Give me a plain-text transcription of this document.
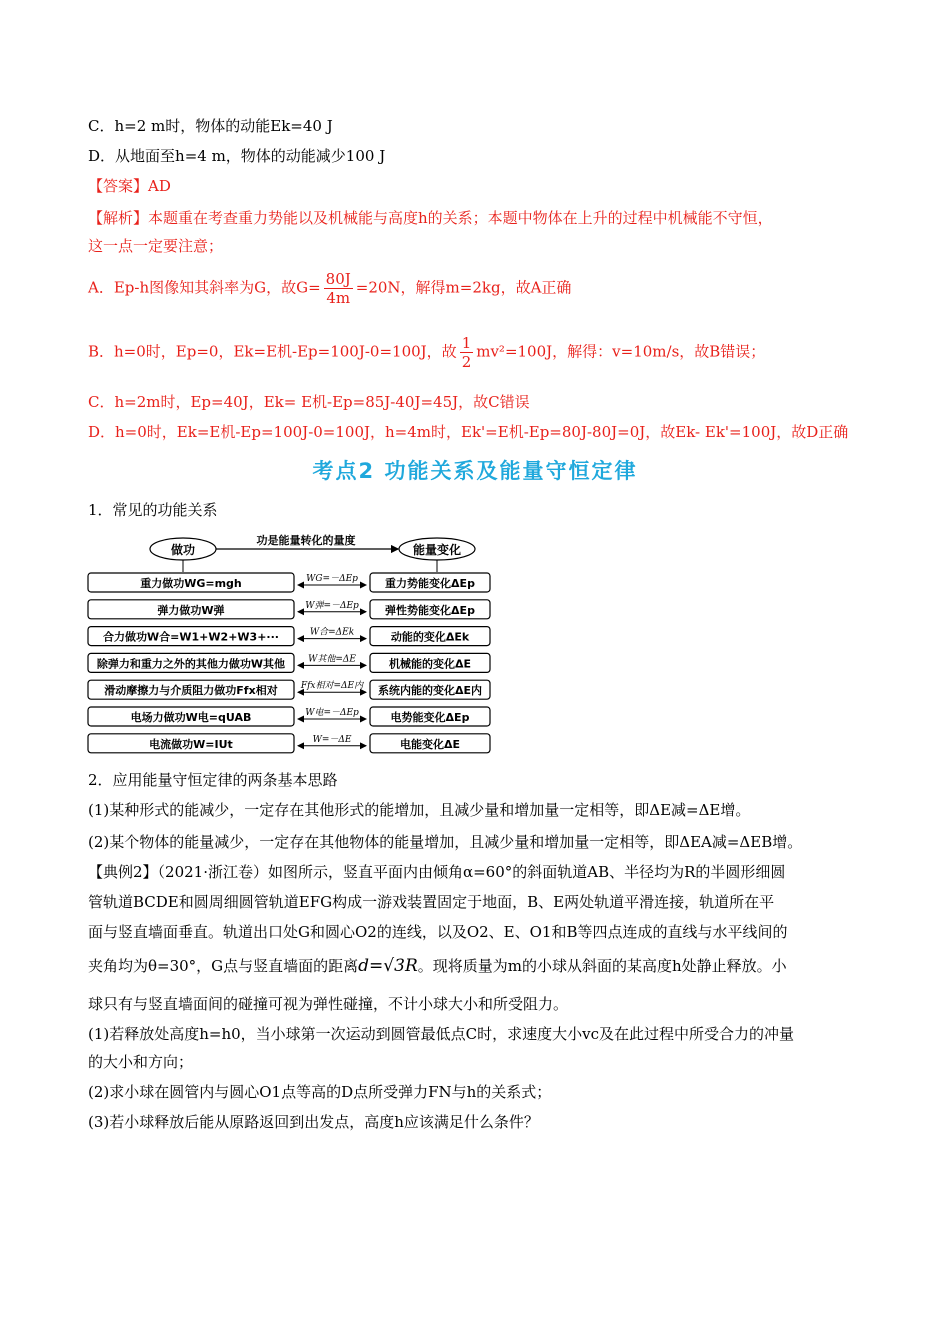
C．h=2 m时，物体的动能Ek=40 J
D．从地面至h=4 m，物体的动能减少100 J
【答案】AD
【解析】本题重在考查重力势能以及机械能与高度h的关系；本题中物体在上升的过程中机械能不守恒，
这一点一定要注意；
A．Ep-h图像知其斜率为G，故$G= \frac{80J}{4m} =20N$，解得m=2kg，故A正确
B．h=0时，Ep=0，Ek=E机-Ep=100J-0=100J，故 $\frac{1}{2} mv^2=100J$，解得：v=10m/s，故B错误；
C．h=2m时，Ep=40J，Ek= E机-Ep=85J-40J=45J，故C错误
D．h=0时，Ek=E机-Ep=100J-0=100J，h=4m时，Ek'=E机-Ep=80J-80J=0J，故Ek- Ek'=100J，故D正确
考点2 功能关系及能量守恒定律
1．常见的功能关系
做功	能量变化
功是能量转化的量度
重力做功WG=mgh	重力势能变化ΔEp
WG=－ΔEp
弹力做功W弹	弹性势能变化ΔEp
W弹=－ΔEp
合力做功W合=W1+W2+W3+···	动能的变化ΔEk
W合=ΔEk
除弹力和重力之外的其他力做功W其他	机械能的变化ΔE
W其他=ΔE
滑动摩擦力与介质阻力做功Ffx相对	系统内能的变化ΔE内
Ffx相对=ΔE内
电场力做功W电=qUAB	电势能变化ΔEp
W电=－ΔEp
电流做功W=IUt	电能变化ΔE
W=－ΔE
2．应用能量守恒定律的两条基本思路
(1)某种形式的能减少，一定存在其他形式的能增加，且减少量和增加量一定相等，即ΔE减=ΔE增。
(2)某个物体的能量减少，一定存在其他物体的能量增加，且减少量和增加量一定相等，即ΔEA减=ΔEB增。
【典例2】（2021·浙江卷）如图所示，竖直平面内由倾角α=60°的斜面轨道AB、半径均为R的半圆形细圆
管轨道BCDE和圆周细圆管轨道EFG构成一游戏装置固定于地面，B、E两处轨道平滑连接，轨道所在平
面与竖直墙面垂直。轨道出口处G和圆心O2的连线，以及O2、E、O1和B等四点连成的直线与水平线间的
夹角均为θ=30°，G点与竖直墙面的距离d=√3R。现将质量为m的小球从斜面的某高度h处静止释放。小
球只有与竖直墙面间的碰撞可视为弹性碰撞，不计小球大小和所受阻力。
(1)若释放处高度h=h0，当小球第一次运动到圆管最低点C时，求速度大小vc及在此过程中所受合力的冲量
的大小和方向；
(2)求小球在圆管内与圆心O1点等高的D点所受弹力FN与h的关系式；
(3)若小球释放后能从原路返回到出发点，高度h应该满足什么条件？
